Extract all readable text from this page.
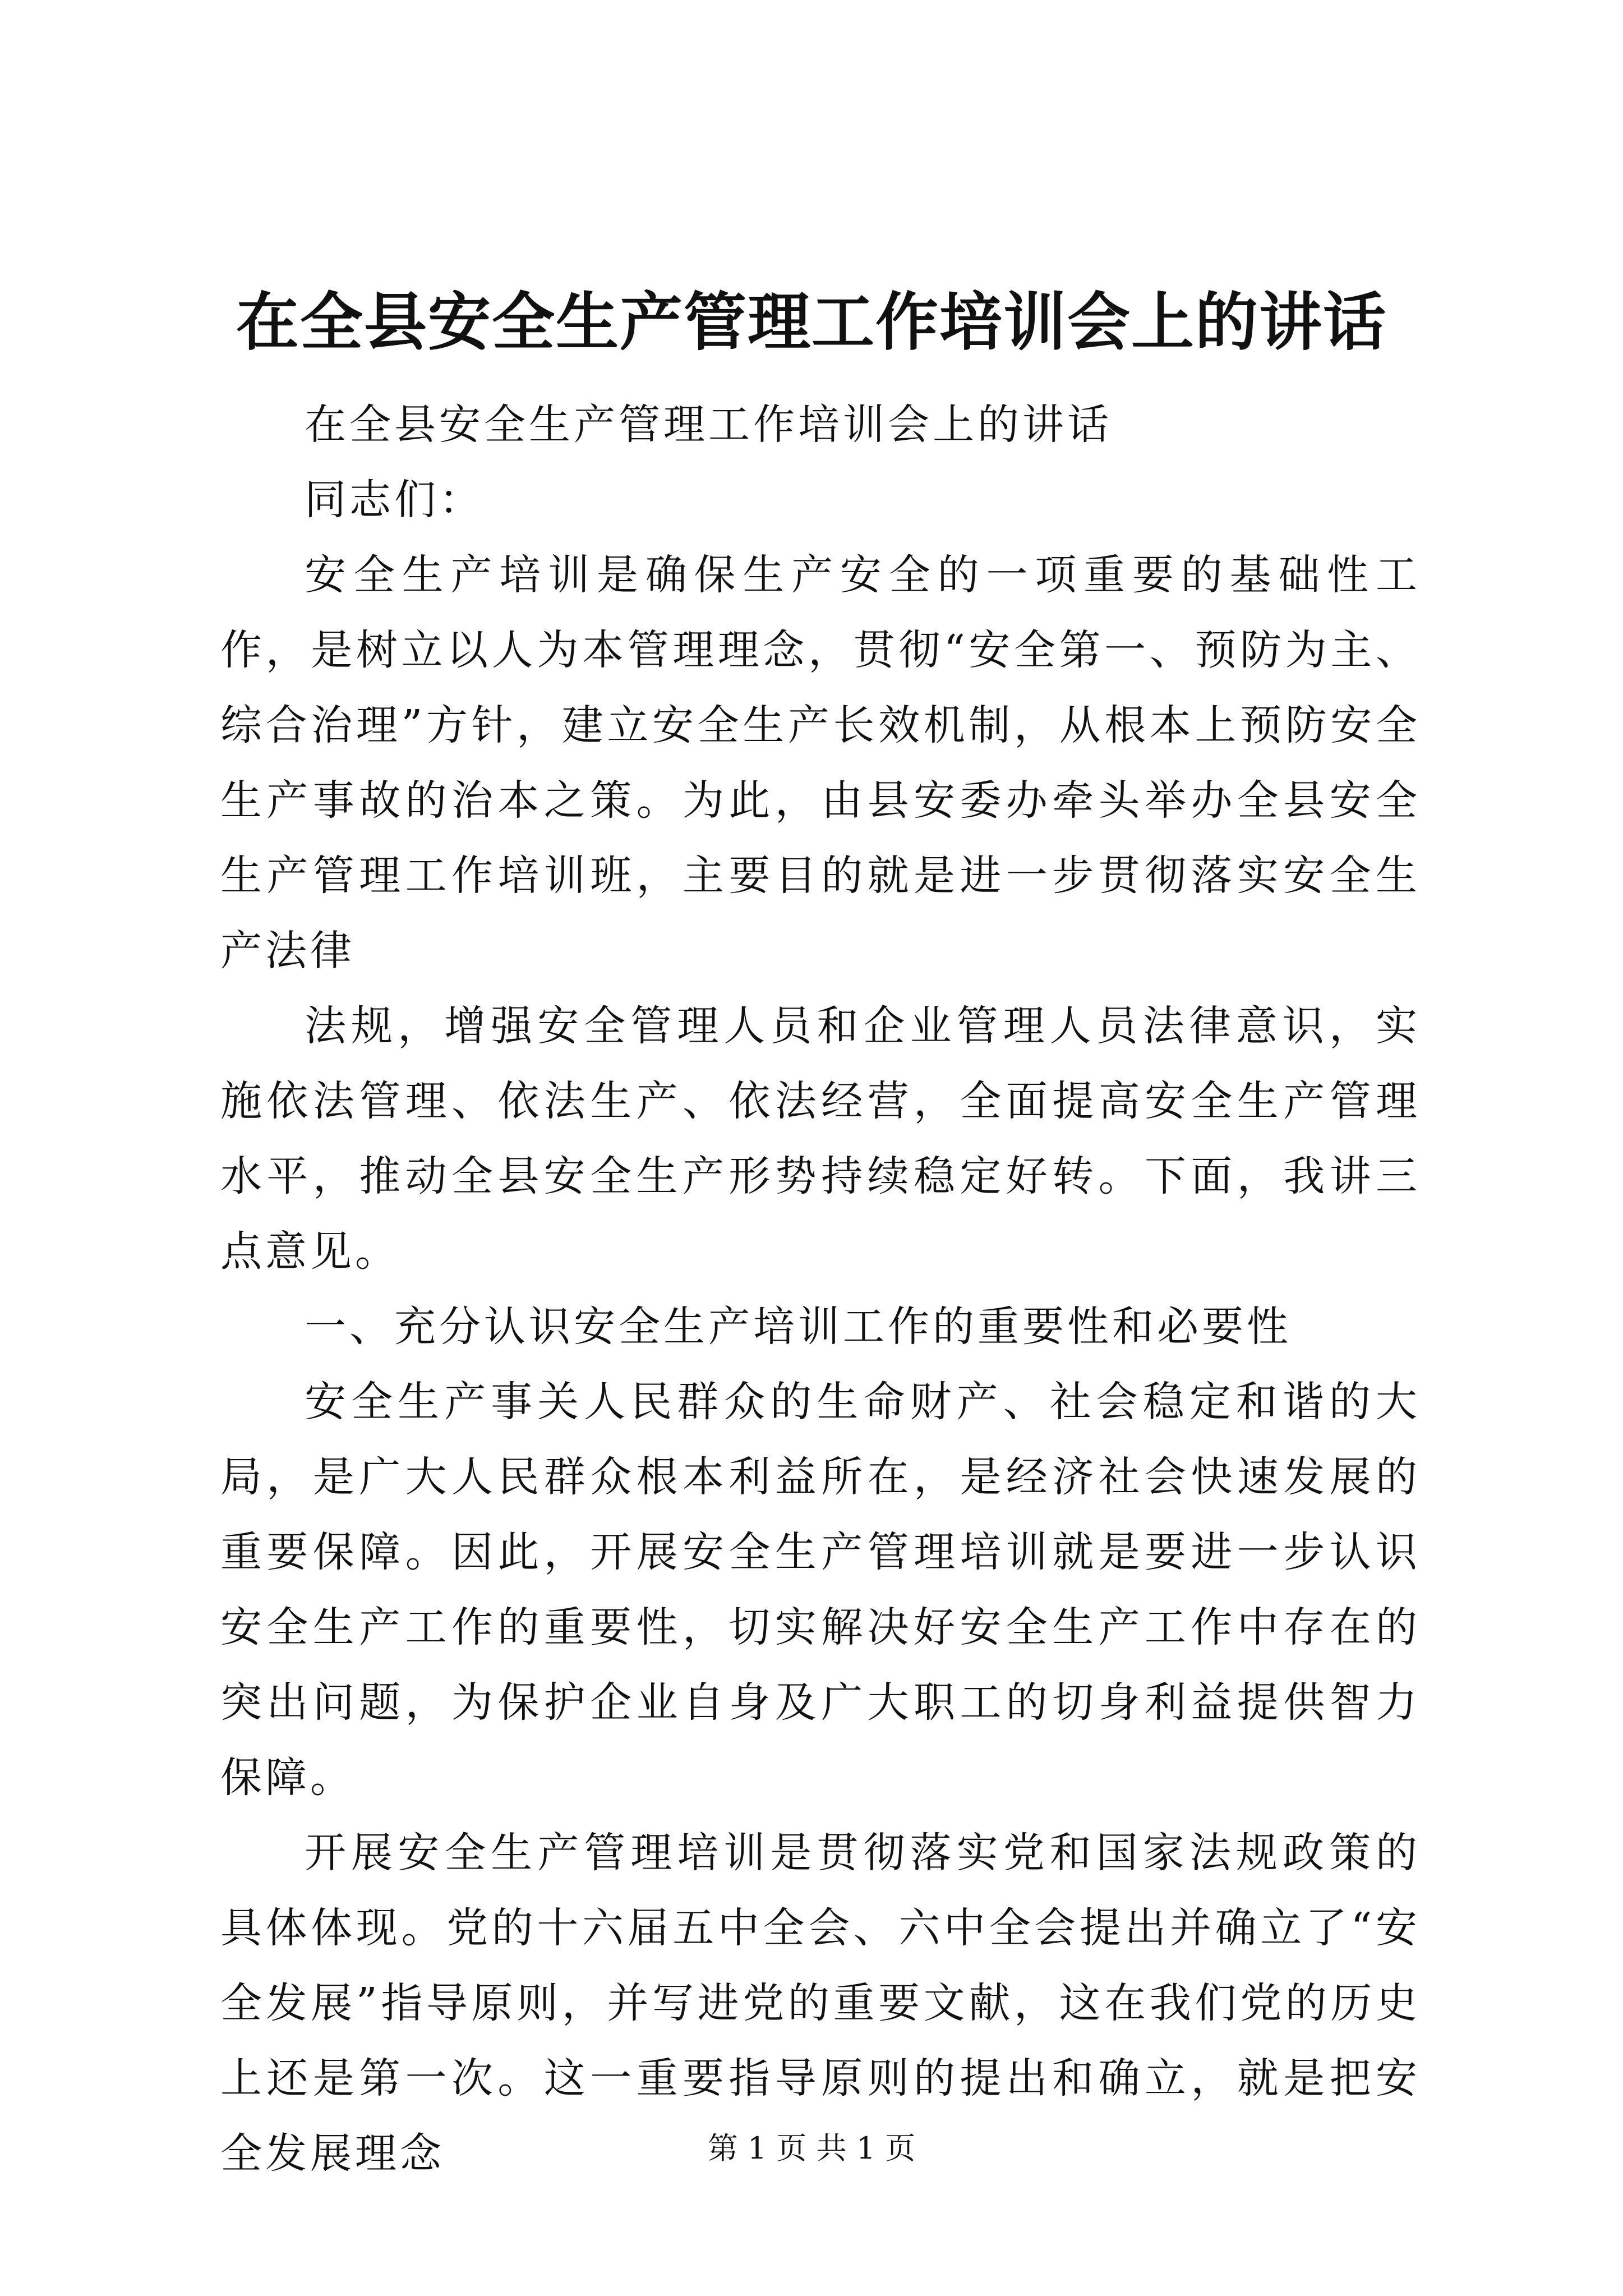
在全县安全生产管理工作培训会上的讲话

在全县安全生产管理工作培训会上的讲话

同志们：

安全生产培训是确保生产安全的一项重要的基础性工作，是树立以人为本管理理念，贯彻“安全第一、预防为主、综合治理”方针，建立安全生产长效机制，从根本上预防安全生产事故的治本之策。为此，由县安委办牵头举办全县安全生产管理工作培训班，主要目的就是进一步贯彻落实安全生产法律

法规，增强安全管理人员和企业管理人员法律意识，实施依法管理、依法生产、依法经营，全面提高安全生产管理水平，推动全县安全生产形势持续稳定好转。下面，我讲三点意见。

一、充分认识安全生产培训工作的重要性和必要性

安全生产事关人民群众的生命财产、社会稳定和谐的大局，是广大人民群众根本利益所在，是经济社会快速发展的重要保障。因此，开展安全生产管理培训就是要进一步认识安全生产工作的重要性，切实解决好安全生产工作中存在的突出问题，为保护企业自身及广大职工的切身利益提供智力保障。

开展安全生产管理培训是贯彻落实党和国家法规政策的具体体现。党的十六届五中全会、六中全会提出并确立了“安全发展”指导原则，并写进党的重要文献，这在我们党的历史上还是第一次。这一重要指导原则的提出和确立，就是把安全发展理念	第 1 页 共 1 页
